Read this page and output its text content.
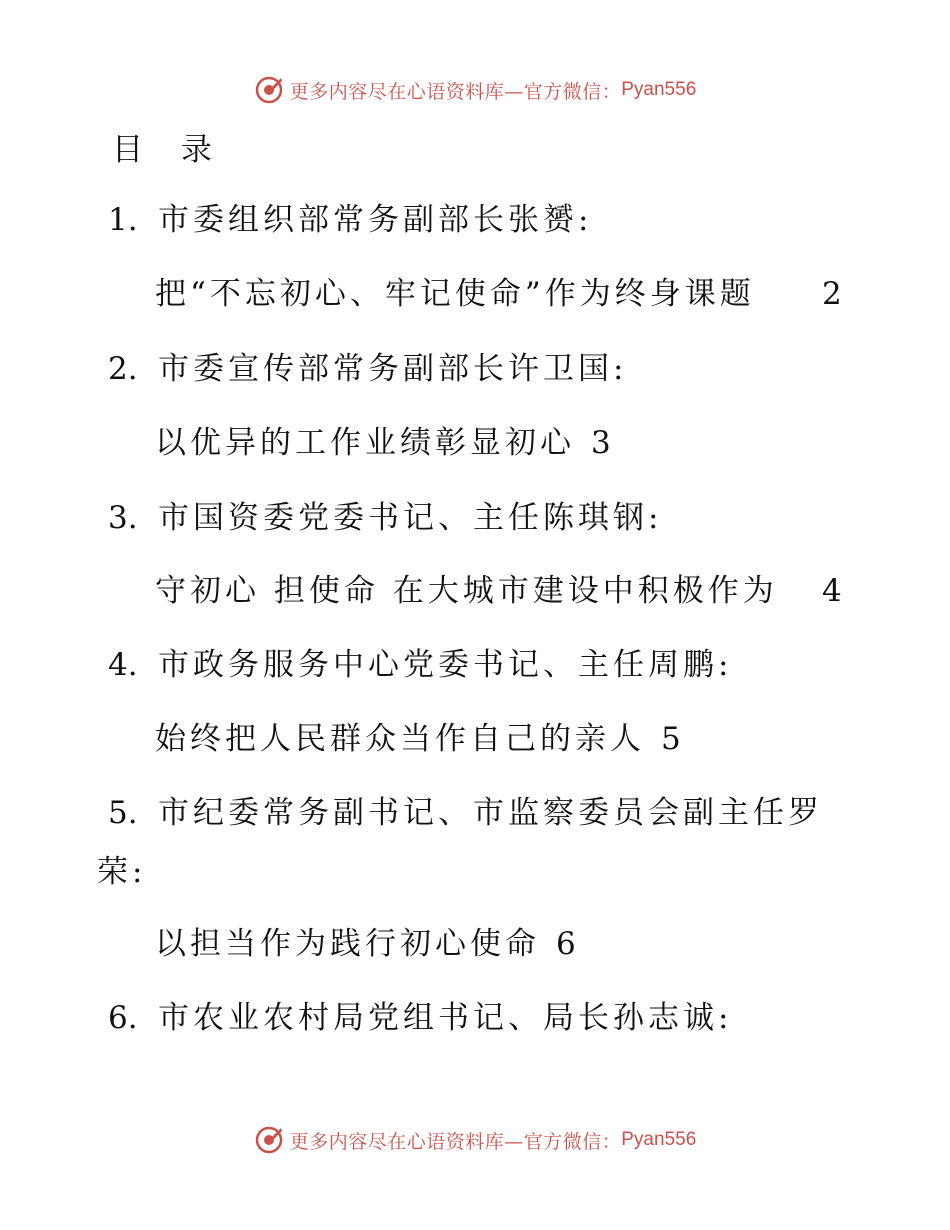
更多内容尽在心语资料库—官方微信： Pyan556
目 录
1. 市委组织部常务副部长张赟:
把“不忘初心、牢记使命”作为终身课题 2
2. 市委宣传部常务副部长许卫国:
以优异的工作业绩彰显初心 3
3. 市国资委党委书记、主任陈琪钢:
守初心 担使命 在大城市建设中积极作为 4
4. 市政务服务中心党委书记、主任周鹏:
始终把人民群众当作自己的亲人 5
5. 市纪委常务副书记、市监察委员会副主任罗
荣:
以担当作为践行初心使命 6
6. 市农业农村局党组书记、局长孙志诚:
更多内容尽在心语资料库—官方微信： Pyan556
